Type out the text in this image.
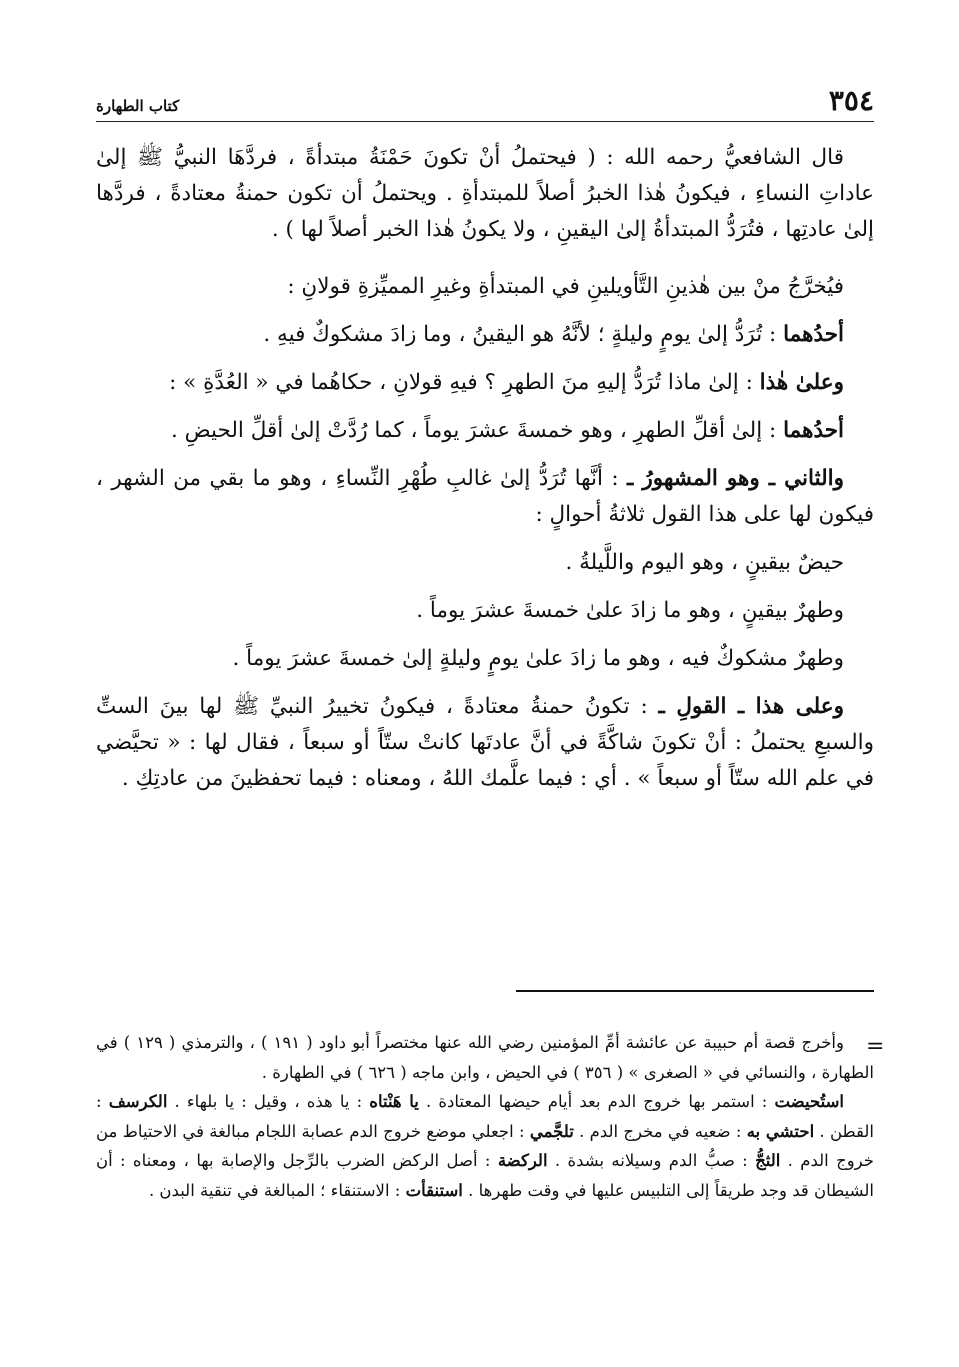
٣٥٤
كتاب الطهارة

قال الشافعيُّ رحمه الله : ( فيحتملُ أنْ تكونَ حَمْنَةُ مبتدأةً ، فردَّهَا النبيُّ ﷺ إلىٰ عاداتِ النساءِ ، فيكونُ هٰذا الخبرُ أصلاً للمبتدأةِ . ويحتملُ أن تكون حمنةُ معتادةً ، فردَّها إلىٰ عادتِها ، فتُرَدُّ المبتدأةُ إلىٰ اليقينِ ، ولا يكونُ هٰذا الخبر أصلاً لها ) .

فيُخرَّجُ منْ بين هٰذينِ التَّأويلينِ في المبتدأةِ وغيرِ المميِّزةِ قولانِ :

أحدُهما : تُرَدُّ إلىٰ يومٍ وليلةٍ ؛ لأنَّهُ هو اليقينُ ، وما زادَ مشكوكٌ فيهِ .

وعلىٰ هٰذا : إلىٰ ماذا تُرَدُّ إليهِ منَ الطهرِ ؟ فيهِ قولانِ ، حكاهُما في « العُدَّةِ » :

أحدُهما : إلىٰ أقلِّ الطهرِ ، وهو خمسةَ عشرَ يوماً ، كما رُدَّتْ إلىٰ أقلِّ الحيضِ .

والثاني ـ وهو المشهورُ ـ : أنَّها تُرَدُّ إلىٰ غالبِ طُهْرِ النِّساءِ ، وهو ما بقي من الشهر ، فيكون لها على هذا القول ثلاثةُ أحوالٍ :

حيضٌ بيقينٍ ، وهو اليوم واللَّيلةُ .

وطهرٌ بيقينٍ ، وهو ما زادَ علىٰ خمسةَ عشرَ يوماً .

وطهرٌ مشكوكٌ فيه ، وهو ما زادَ علىٰ يومٍ وليلةٍ إلىٰ خمسةَ عشرَ يوماً .

وعلى هذا ـ القولِ ـ : تكونُ حمنةُ معتادةً ، فيكونُ تخييرُ النبيِّ ﷺ لها بينَ الستِّ والسبعِ يحتملُ : أنْ تكونَ شاكَّةً في أنَّ عادتَها كانتْ ستّاً أو سبعاً ، فقال لها : « تحيَّضي في علم الله ستّاً أو سبعاً » . أي : فيما علَّمك اللهُ ، ومعناه : فيما تحفظينَ من عادتِكِ .

=

وأخرج قصة أم حبيبة عن عائشة أمِّ المؤمنين رضي الله عنها مختصراً أبو داود ( ١٩١ ) ، والترمذي ( ١٢٩ ) في الطهارة ، والنسائي في « الصغرى » ( ٣٥٦ ) في الحيض ، وابن ماجه ( ٦٢٦ ) في الطهارة .

استُحيضت : استمر بها خروج الدم بعد أيام حيضها المعتادة . يا هَنْتاه : يا هذه ، وقيل : يا بلهاء . الكرسف : القطن . احتشي به : ضعيه في مخرج الدم . تلجَّمي : اجعلي موضع خروج الدم عصابة اللجام مبالغة في الاحتياط من خروج الدم . الثجُّ : صبُّ الدم وسيلانه بشدة . الركضة : أصل الركض الضرب بالرِّجل والإصابة بها ، ومعناه : أن الشيطان قد وجد طريقاً إلى التلبيس عليها في وقت طهرها . استنقأت : الاستنقاء ؛ المبالغة في تنقية البدن .
